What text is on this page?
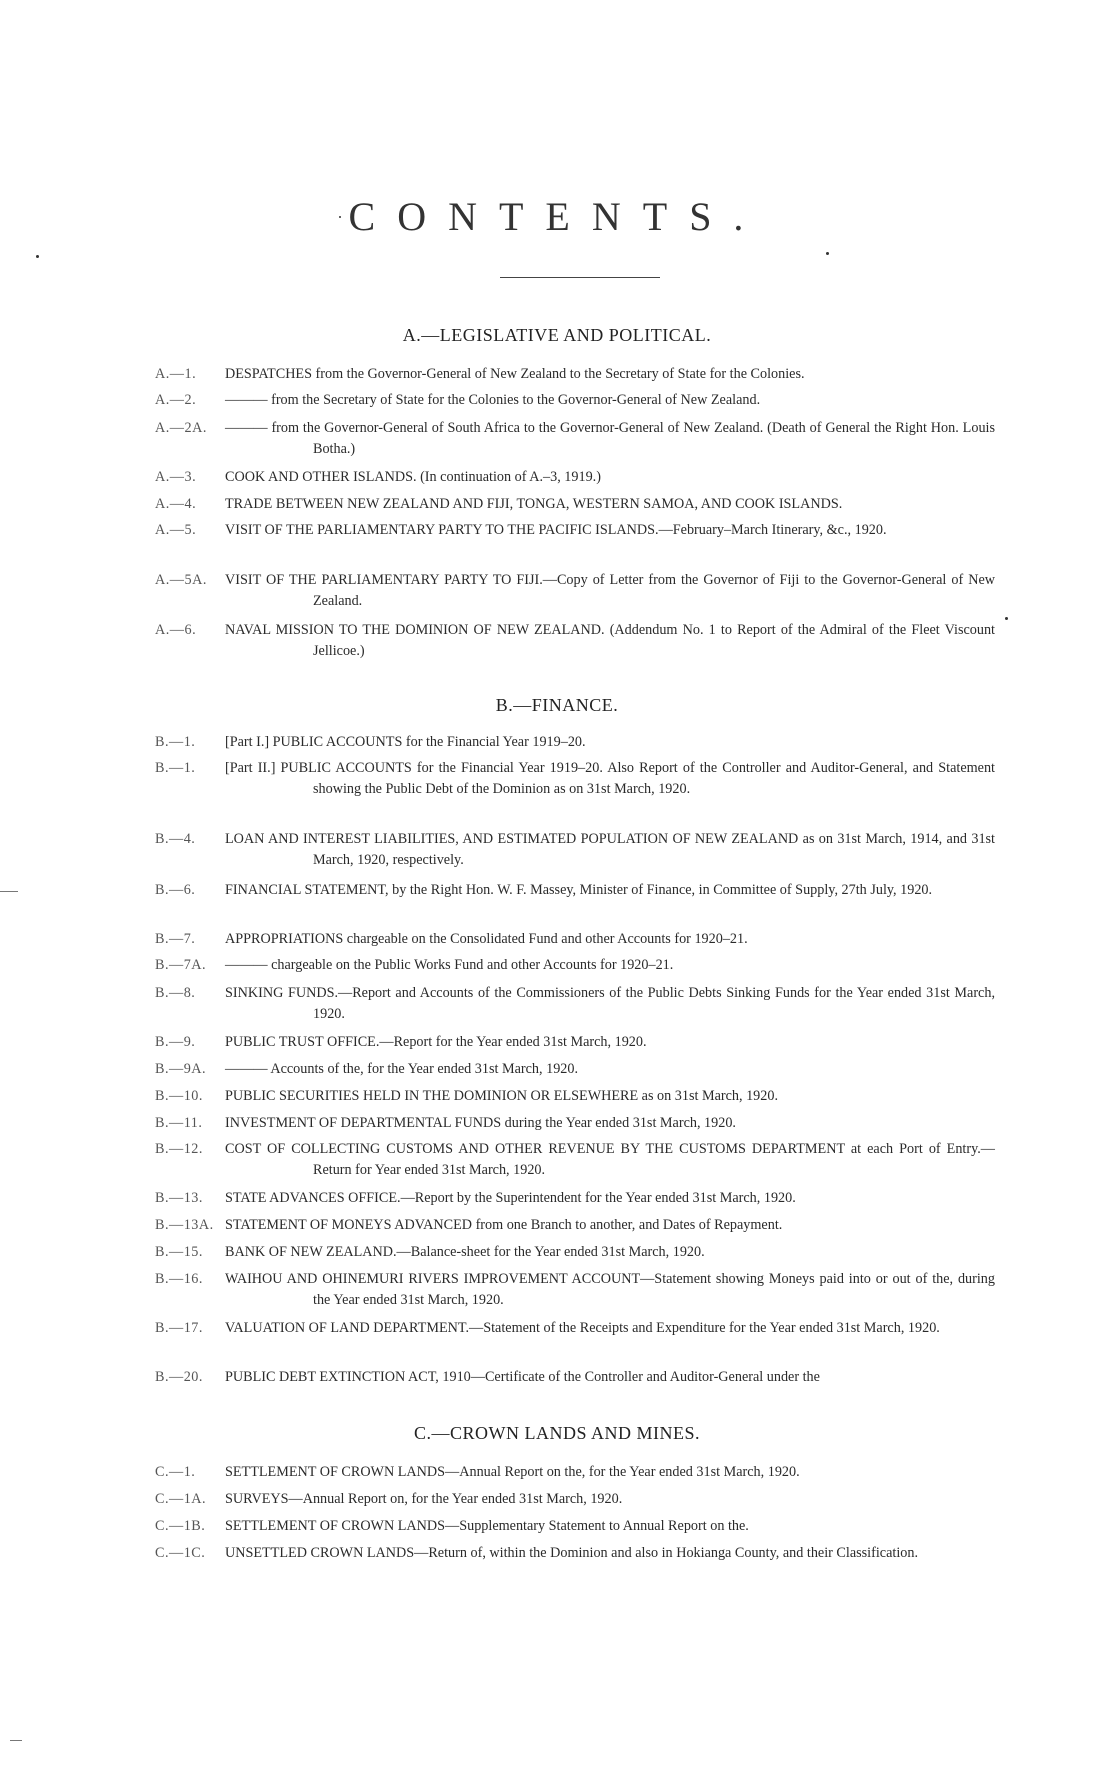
CONTENTS.
A.—LEGISLATIVE AND POLITICAL.
A.—1.	DESPATCHES from the Governor-General of New Zealand to the Secretary of State for the Colonies.
A.—2.	——— from the Secretary of State for the Colonies to the Governor-General of New Zealand.
A.—2A.	——— from the Governor-General of South Africa to the Governor-General of New Zealand. (Death of General the Right Hon. Louis Botha.)
A.—3.	COOK AND OTHER ISLANDS. (In continuation of A.–3, 1919.)
A.—4.	TRADE BETWEEN NEW ZEALAND AND FIJI, TONGA, WESTERN SAMOA, AND COOK ISLANDS.
A.—5.	VISIT OF THE PARLIAMENTARY PARTY TO THE PACIFIC ISLANDS.—February–March Itinerary, &c., 1920.
A.—5A.	VISIT OF THE PARLIAMENTARY PARTY TO FIJI.—Copy of Letter from the Governor of Fiji to the Governor-General of New Zealand.
A.—6.	NAVAL MISSION TO THE DOMINION OF NEW ZEALAND. (Addendum No. 1 to Report of the Admiral of the Fleet Viscount Jellicoe.)
B.—FINANCE.
B.—1.	[Part I.] PUBLIC ACCOUNTS for the Financial Year 1919–20.
B.—1.	[Part II.] PUBLIC ACCOUNTS for the Financial Year 1919–20. Also Report of the Controller and Auditor-General, and Statement showing the Public Debt of the Dominion as on 31st March, 1920.
B.—4.	LOAN AND INTEREST LIABILITIES, AND ESTIMATED POPULATION OF NEW ZEALAND as on 31st March, 1914, and 31st March, 1920, respectively.
B.—6.	FINANCIAL STATEMENT, by the Right Hon. W. F. Massey, Minister of Finance, in Committee of Supply, 27th July, 1920.
B.—7.	APPROPRIATIONS chargeable on the Consolidated Fund and other Accounts for 1920–21.
B.—7A.	——— chargeable on the Public Works Fund and other Accounts for 1920–21.
B.—8.	SINKING FUNDS.—Report and Accounts of the Commissioners of the Public Debts Sinking Funds for the Year ended 31st March, 1920.
B.—9.	PUBLIC TRUST OFFICE.—Report for the Year ended 31st March, 1920.
B.—9A.	——— Accounts of the, for the Year ended 31st March, 1920.
B.—10.	PUBLIC SECURITIES HELD IN THE DOMINION OR ELSEWHERE as on 31st March, 1920.
B.—11.	INVESTMENT OF DEPARTMENTAL FUNDS during the Year ended 31st March, 1920.
B.—12.	COST OF COLLECTING CUSTOMS AND OTHER REVENUE BY THE CUSTOMS DEPARTMENT at each Port of Entry.—Return for Year ended 31st March, 1920.
B.—13.	STATE ADVANCES OFFICE.—Report by the Superintendent for the Year ended 31st March, 1920.
B.—13A. STATEMENT OF MONEYS ADVANCED from one Branch to another, and Dates of Repayment.
B.—15.	BANK OF NEW ZEALAND.—Balance-sheet for the Year ended 31st March, 1920.
B.—16.	WAIHOU AND OHINEMURI RIVERS IMPROVEMENT ACCOUNT—Statement showing Moneys paid into or out of the, during the Year ended 31st March, 1920.
B.—17.	VALUATION OF LAND DEPARTMENT.—Statement of the Receipts and Expenditure for the Year ended 31st March, 1920.
B.—20.	PUBLIC DEBT EXTINCTION ACT, 1910—Certificate of the Controller and Auditor-General under the
C.—CROWN LANDS AND MINES.
C.—1.	SETTLEMENT OF CROWN LANDS—Annual Report on the, for the Year ended 31st March, 1920.
C.—1A.	SURVEYS—Annual Report on, for the Year ended 31st March, 1920.
C.—1B.	SETTLEMENT OF CROWN LANDS—Supplementary Statement to Annual Report on the.
C.—1C.	UNSETTLED CROWN LANDS—Return of, within the Dominion and also in Hokianga County, and their Classification.
